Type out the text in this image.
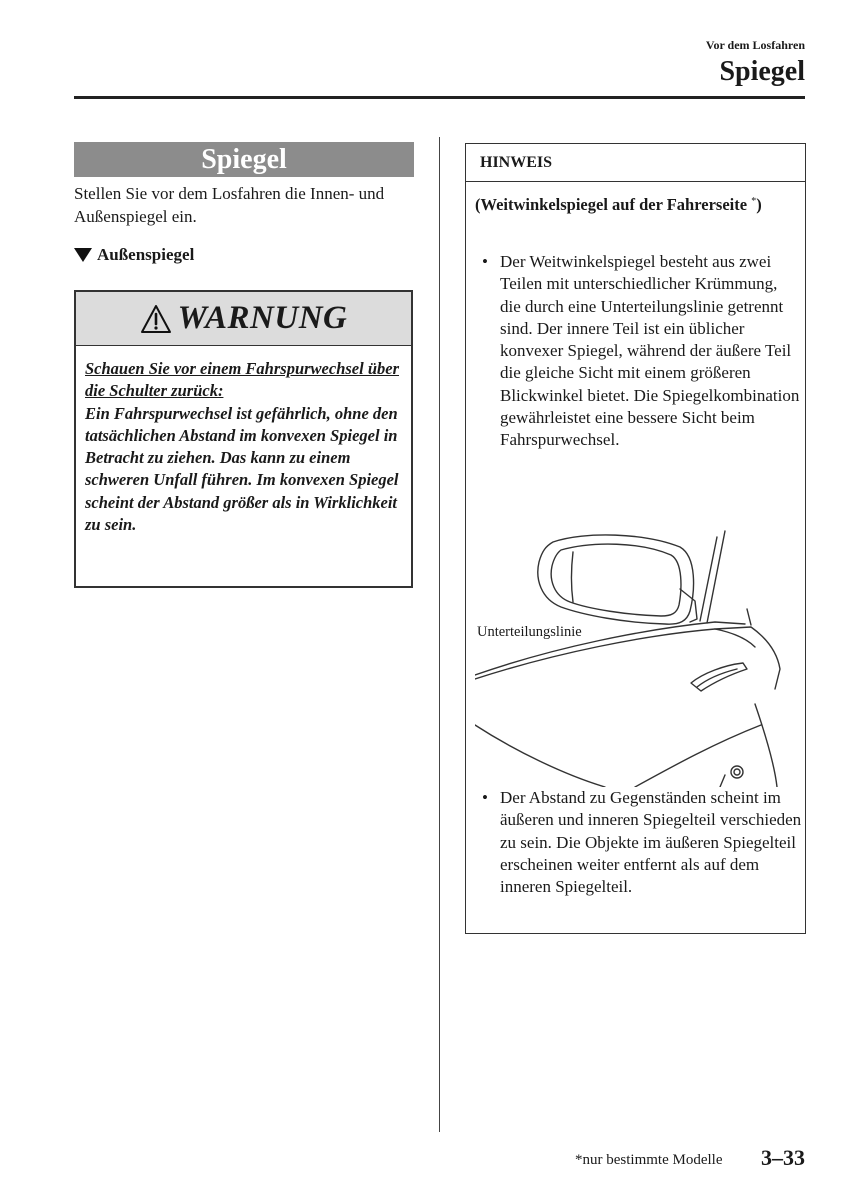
Vor dem Losfahren
Spiegel
Spiegel
Stellen Sie vor dem Losfahren die Innen- und Außenspiegel ein.
Außenspiegel
WARNUNG
Schauen Sie vor einem Fahrspurwechsel über die Schulter zurück:
Ein Fahrspurwechsel ist gefährlich, ohne den tatsächlichen Abstand im konvexen Spiegel in Betracht zu ziehen. Das kann zu einem schweren Unfall führen. Im konvexen Spiegel scheint der Abstand größer als in Wirklichkeit zu sein.
HINWEIS
(Weitwinkelspiegel auf der Fahrerseite *)
• Der Weitwinkelspiegel besteht aus zwei Teilen mit unterschiedlicher Krümmung, die durch eine Unterteilungslinie getrennt sind. Der innere Teil ist ein üblicher konvexer Spiegel, während der äußere Teil die gleiche Sicht mit einem größeren Blickwinkel bietet. Die Spiegelkombination gewährleistet eine bessere Sicht beim Fahrspurwechsel.
Unterteilungslinie
• Der Abstand zu Gegenständen scheint im äußeren und inneren Spiegelteil verschieden zu sein. Die Objekte im äußeren Spiegelteil erscheinen weiter entfernt als auf dem inneren Spiegelteil.
*nur bestimmte Modelle 3–33
